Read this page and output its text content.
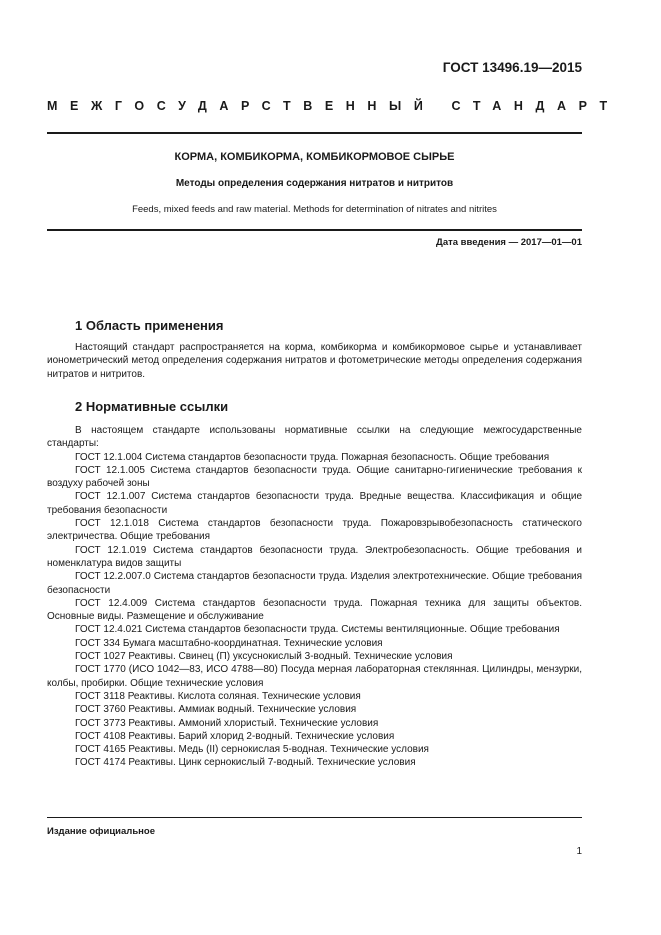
ГОСТ 13496.19—2015
МЕЖГОСУДАРСТВЕННЫЙ СТАНДАРТ
КОРМА, КОМБИКОРМА, КОМБИКОРМОВОЕ СЫРЬЕ
Методы определения содержания нитратов и нитритов
Feeds, mixed feeds and raw material. Methods for determination of nitrates and nitrites
Дата введения — 2017—01—01
1 Область применения

Настоящий стандарт распространяется на корма, комбикорма и комбикормовое сырье и устанавливает ионометрический метод определения содержания нитратов и фотометрические методы определения содержания нитратов и нитритов.

2 Нормативные ссылки
В настоящем стандарте использованы нормативные ссылки на следующие межгосударственные стандарты:
ГОСТ 12.1.004 Система стандартов безопасности труда. Пожарная безопасность. Общие требования
ГОСТ 12.1.005 Система стандартов безопасности труда. Общие санитарно-гигиенические требования к воздуху рабочей зоны
ГОСТ 12.1.007 Система стандартов безопасности труда. Вредные вещества. Классификация и общие требования безопасности
ГОСТ 12.1.018 Система стандартов безопасности труда. Пожаровзрывобезопасность статического электричества. Общие требования
ГОСТ 12.1.019 Система стандартов безопасности труда. Электробезопасность. Общие требования и номенклатура видов защиты
ГОСТ 12.2.007.0 Система стандартов безопасности труда. Изделия электротехнические. Общие требования безопасности
ГОСТ 12.4.009 Система стандартов безопасности труда. Пожарная техника для защиты объектов. Основные виды. Размещение и обслуживание
ГОСТ 12.4.021 Система стандартов безопасности труда. Системы вентиляционные. Общие требования
ГОСТ 334 Бумага масштабно-координатная. Технические условия
ГОСТ 1027 Реактивы. Свинец (П) уксуснокислый 3-водный. Технические условия
ГОСТ 1770 (ИСО 1042—83, ИСО 4788—80) Посуда мерная лабораторная стеклянная. Цилиндры, мензурки, колбы, пробирки. Общие технические условия
ГОСТ 3118 Реактивы. Кислота соляная. Технические условия
ГОСТ 3760 Реактивы. Аммиак водный. Технические условия
ГОСТ 3773 Реактивы. Аммоний хлористый. Технические условия
ГОСТ 4108 Реактивы. Барий хлорид 2-водный. Технические условия
ГОСТ 4165 Реактивы. Медь (II) сернокислая 5-водная. Технические условия
ГОСТ 4174 Реактивы. Цинк сернокислый 7-водный. Технические условия
Издание официальное
1
